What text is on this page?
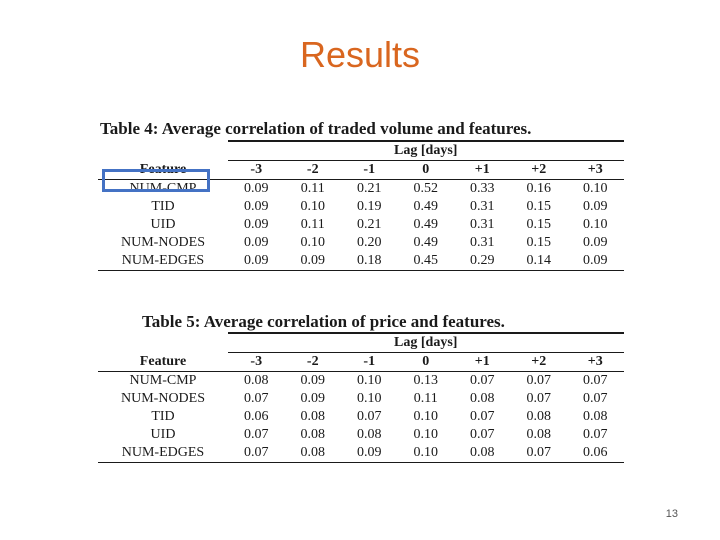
Results
Table 4: Average correlation of traded volume and features.
	Lag [days]						
Feature	-3	-2	-1	0	+1	+2	+3
NUM-CMP	0.09	0.11	0.21	0.52	0.33	0.16	0.10
TID	0.09	0.10	0.19	0.49	0.31	0.15	0.09
UID	0.09	0.11	0.21	0.49	0.31	0.15	0.10
NUM-NODES	0.09	0.10	0.20	0.49	0.31	0.15	0.09
NUM-EDGES	0.09	0.09	0.18	0.45	0.29	0.14	0.09
Table 5: Average correlation of price and features.
	Lag [days]						
Feature	-3	-2	-1	0	+1	+2	+3
NUM-CMP	0.08	0.09	0.10	0.13	0.07	0.07	0.07
NUM-NODES	0.07	0.09	0.10	0.11	0.08	0.07	0.07
TID	0.06	0.08	0.07	0.10	0.07	0.08	0.08
UID	0.07	0.08	0.08	0.10	0.07	0.08	0.07
NUM-EDGES	0.07	0.08	0.09	0.10	0.08	0.07	0.06
13
